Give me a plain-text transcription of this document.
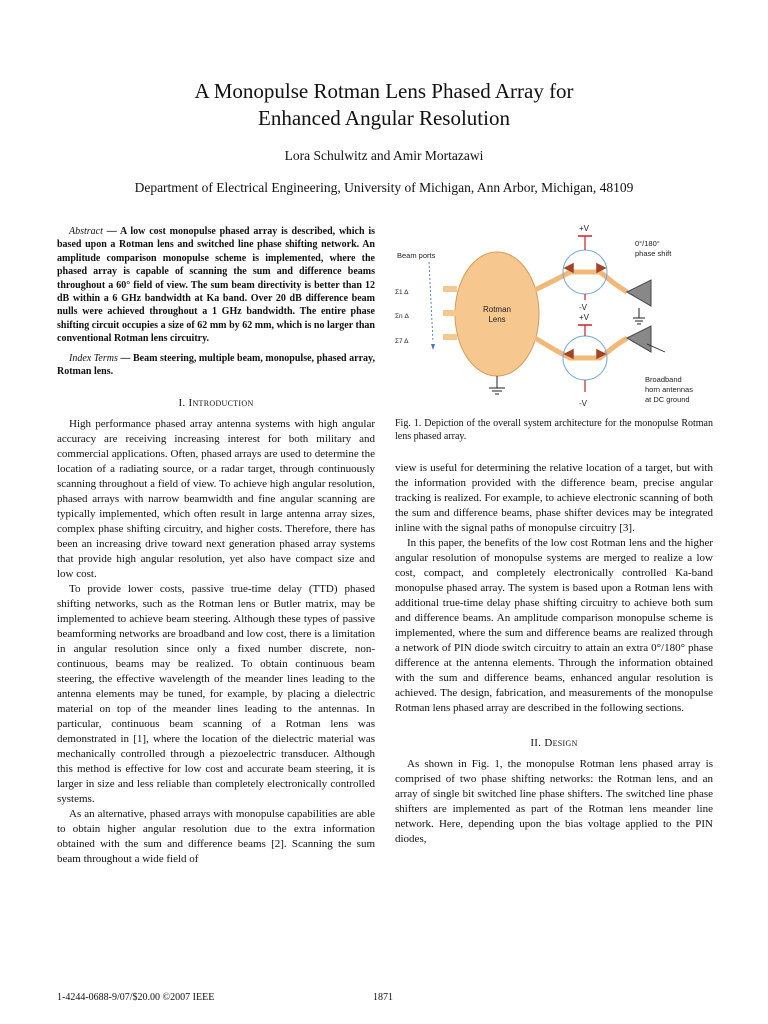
A Monopulse Rotman Lens Phased Array for
Enhanced Angular Resolution
Lora Schulwitz and Amir Mortazawi
Department of Electrical Engineering, University of Michigan, Ann Arbor, Michigan, 48109

Abstract — A low cost monopulse phased array is described, which is based upon a Rotman lens and switched line phase shifting network. An amplitude comparison monopulse scheme is implemented, where the phased array is capable of scanning the sum and difference beams throughout a 60° field of view. The sum beam directivity is better than 12 dB within a 6 GHz bandwidth at Ka band. Over 20 dB difference beam nulls were achieved throughout a 1 GHz bandwidth. The entire phase shifting circuit occupies a size of 62 mm by 62 mm, which is no larger than conventional Rotman lens circuitry.

Index Terms — Beam steering, multiple beam, monopulse, phased array, Rotman lens.

I. Introduction

High performance phased array antenna systems with high angular accuracy are receiving increasing interest for both military and commercial applications. Often, phased arrays are used to determine the location of a radiating source, or a radar target, through continuously scanning throughout a field of view. To achieve high angular resolution, phased arrays with narrow beamwidth and fine angular scanning are typically implemented, which often result in large antenna array sizes, complex phase shifting circuitry, and higher costs. Therefore, there has been an increasing drive toward next generation phased array systems that provide high angular resolution, yet also have compact size and low cost.

To provide lower costs, passive true-time delay (TTD) phased shifting networks, such as the Rotman lens or Butler matrix, may be implemented to achieve beam steering. Although these types of passive beamforming networks are broadband and low cost, there is a limitation in angular resolution since only a fixed number discrete, non-continuous, beams may be realized. To obtain continuous beam steering, the effective wavelength of the meander lines leading to the antenna elements may be tuned, for example, by placing a dielectric material on top of the meander lines leading to the antennas. In particular, continuous beam scanning of a Rotman lens was demonstrated in [1], where the location of the dielectric material was mechanically controlled through a piezoelectric transducer. Although this method is effective for low cost and accurate beam steering, it is larger in size and less reliable than completely electronically controlled systems.

As an alternative, phased arrays with monopulse capabilities are able to obtain higher angular resolution due to the extra information obtained with the sum and difference beams [2]. Scanning the sum beam throughout a wide field of

Rotman
Lens
Beam ports
Σ1 Δ
Σn Δ
Σ7 Δ
+V
-V
+V
-V
0°/180°
phase shift
Broadband
horn antennas
at DC ground
Fig. 1. Depiction of the overall system architecture for the monopulse Rotman lens phased array.

view is useful for determining the relative location of a target, but with the information provided with the difference beam, precise angular tracking is realized. For example, to achieve electronic scanning of both the sum and difference beams, phase shifter devices may be integrated inline with the signal paths of monopulse circuitry [3].

In this paper, the benefits of the low cost Rotman lens and the higher angular resolution of monopulse systems are merged to realize a low cost, compact, and completely electronically controlled Ka-band monopulse phased array. The system is based upon a Rotman lens with additional true-time delay phase shifting circuitry to achieve both sum and difference beams. An amplitude comparison monopulse scheme is implemented, where the sum and difference beams are realized through a network of PIN diode switch circuitry to attain an extra 0°/180° phase difference at the antenna elements. Through the information obtained with the sum and difference beams, enhanced angular resolution is achieved. The design, fabrication, and measurements of the monopulse Rotman lens phased array are described in the following sections.

II. Design

As shown in Fig. 1, the monopulse Rotman lens phased array is comprised of two phase shifting networks: the Rotman lens, and an array of single bit switched line phase shifters. The switched line phase shifters are implemented as part of the Rotman lens meander line network. Here, depending upon the bias voltage applied to the PIN diodes,

1-4244-0688-9/07/$20.00 ©2007 IEEE	1871
